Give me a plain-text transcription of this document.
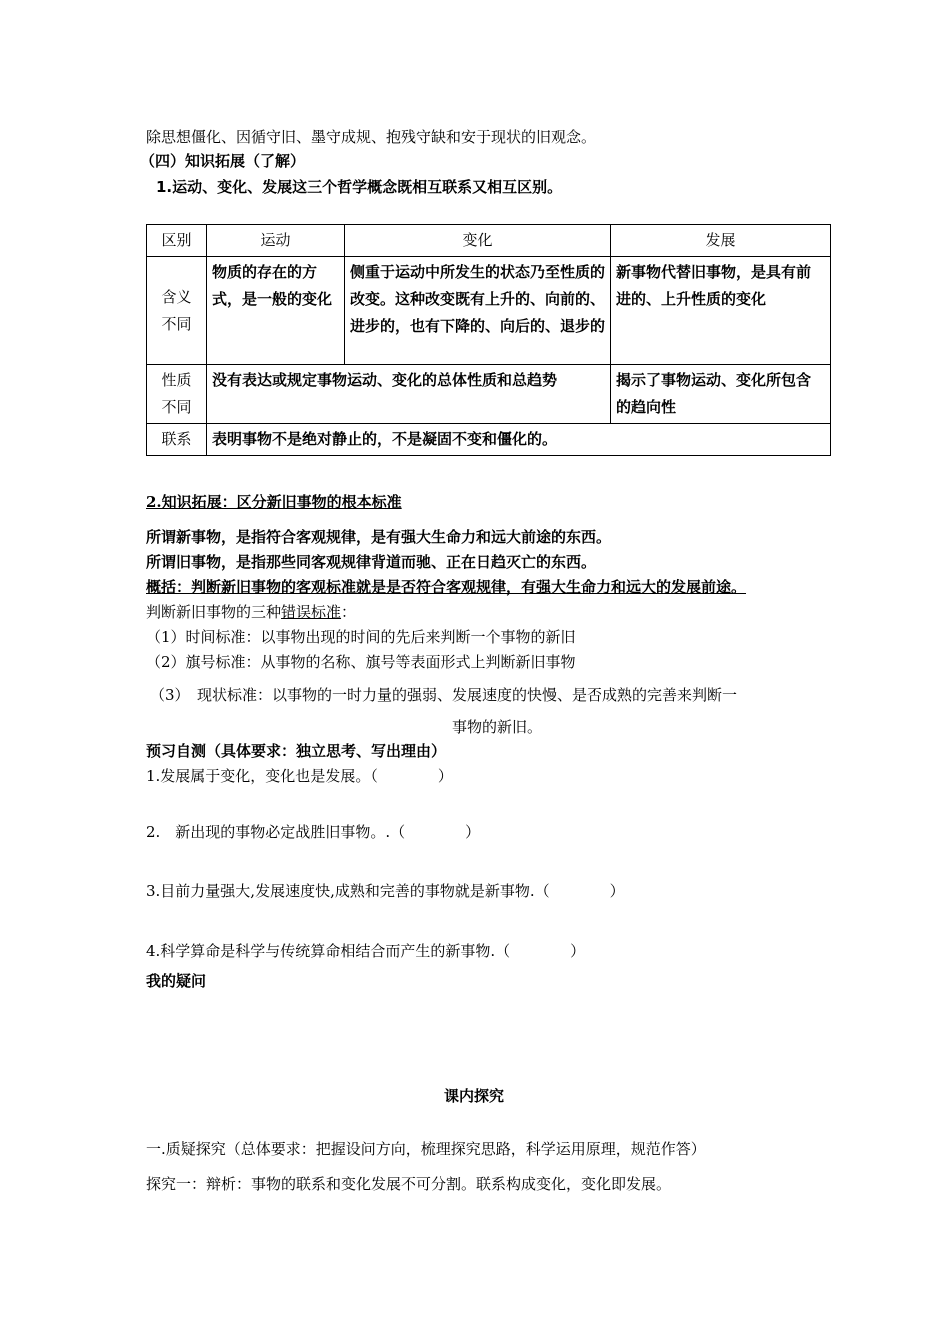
除思想僵化、因循守旧、墨守成规、抱残守缺和安于现状的旧观念。
（四）知识拓展（了解）
1.运动、变化、发展这三个哲学概念既相互联系又相互区别。
区别	运动	变化	发展
含义
不同	物质的存在的方式，是一般的变化	侧重于运动中所发生的状态乃至性质的改变。这种改变既有上升的、向前的、进步的，也有下降的、向后的、退步的	新事物代替旧事物，是具有前进的、上升性质的变化
性质
不同	没有表达或规定事物运动、变化的总体性质和总趋势		揭示了事物运动、变化所包含的趋向性
联系	表明事物不是绝对静止的，不是凝固不变和僵化的。		
2.知识拓展：区分新旧事物的根本标准
所谓新事物，是指符合客观规律，是有强大生命力和远大前途的东西。
所谓旧事物，是指那些同客观规律背道而驰、正在日趋灭亡的东西。
概括：判断新旧事物的客观标准就是是否符合客观规律，有强大生命力和远大的发展前途。
判断新旧事物的三种错误标准：
（1）时间标准：以事物出现的时间的先后来判断一个事物的新旧
（2）旗号标准：从事物的名称、旗号等表面形式上判断新旧事物
（3）　现状标准：以事物的一时力量的强弱、发展速度的快慢、是否成熟的完善来判断一
事物的新旧。
预习自测（具体要求：独立思考、写出理由）
1.发展属于变化，变化也是发展。（　　　　）
2.　新出现的事物必定战胜旧事物。.（　　　　）
3.目前力量强大,发展速度快,成熟和完善的事物就是新事物.（　　　　）
4.科学算命是科学与传统算命相结合而产生的新事物.（　　　　）
我的疑问
课内探究
一.质疑探究（总体要求：把握设问方向，梳理探究思路，科学运用原理，规范作答）
探究一：辩析：事物的联系和变化发展不可分割。联系构成变化，变化即发展。
